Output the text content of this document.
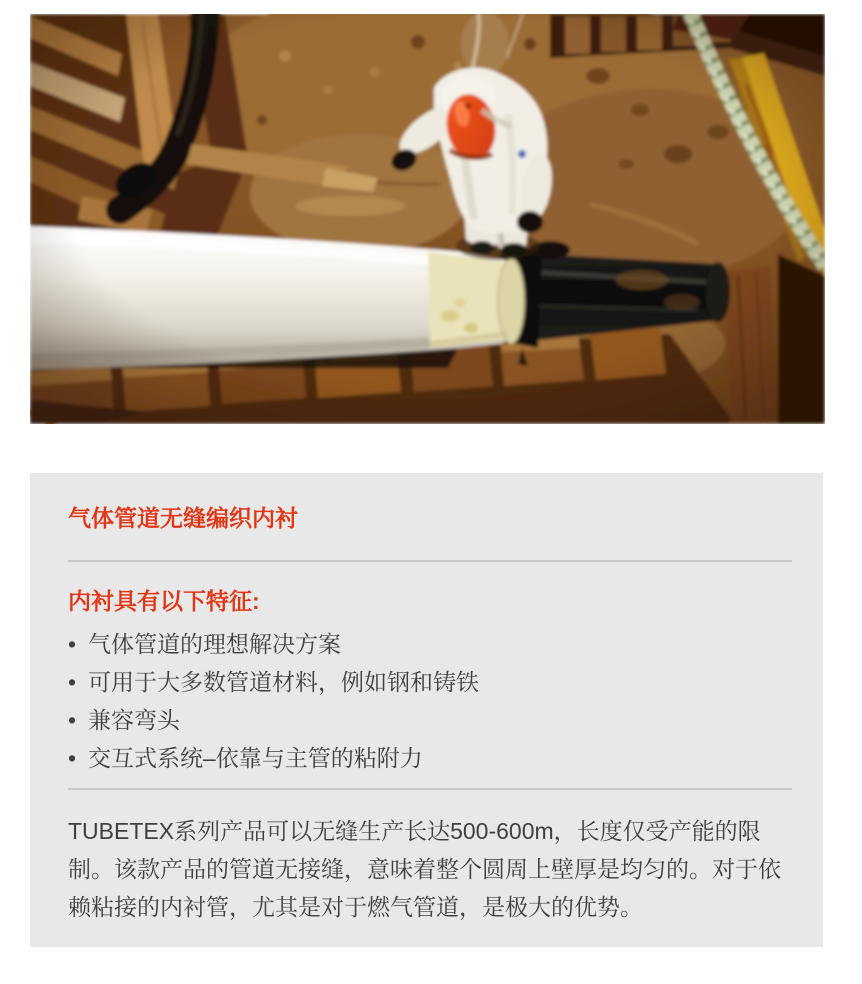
气体管道无缝编织内衬
内衬具有以下特征:
• 气体管道的理想解决方案
• 可用于大多数管道材料，例如钢和铸铁
• 兼容弯头
• 交互式系统–依靠与主管的粘附力

TUBETEX系列产品可以无缝生产长达500-600m，长度仅受产能的限制。该款产品的管道无接缝，意味着整个圆周上壁厚是均匀的。对于依赖粘接的内衬管，尤其是对于燃气管道，是极大的优势。
